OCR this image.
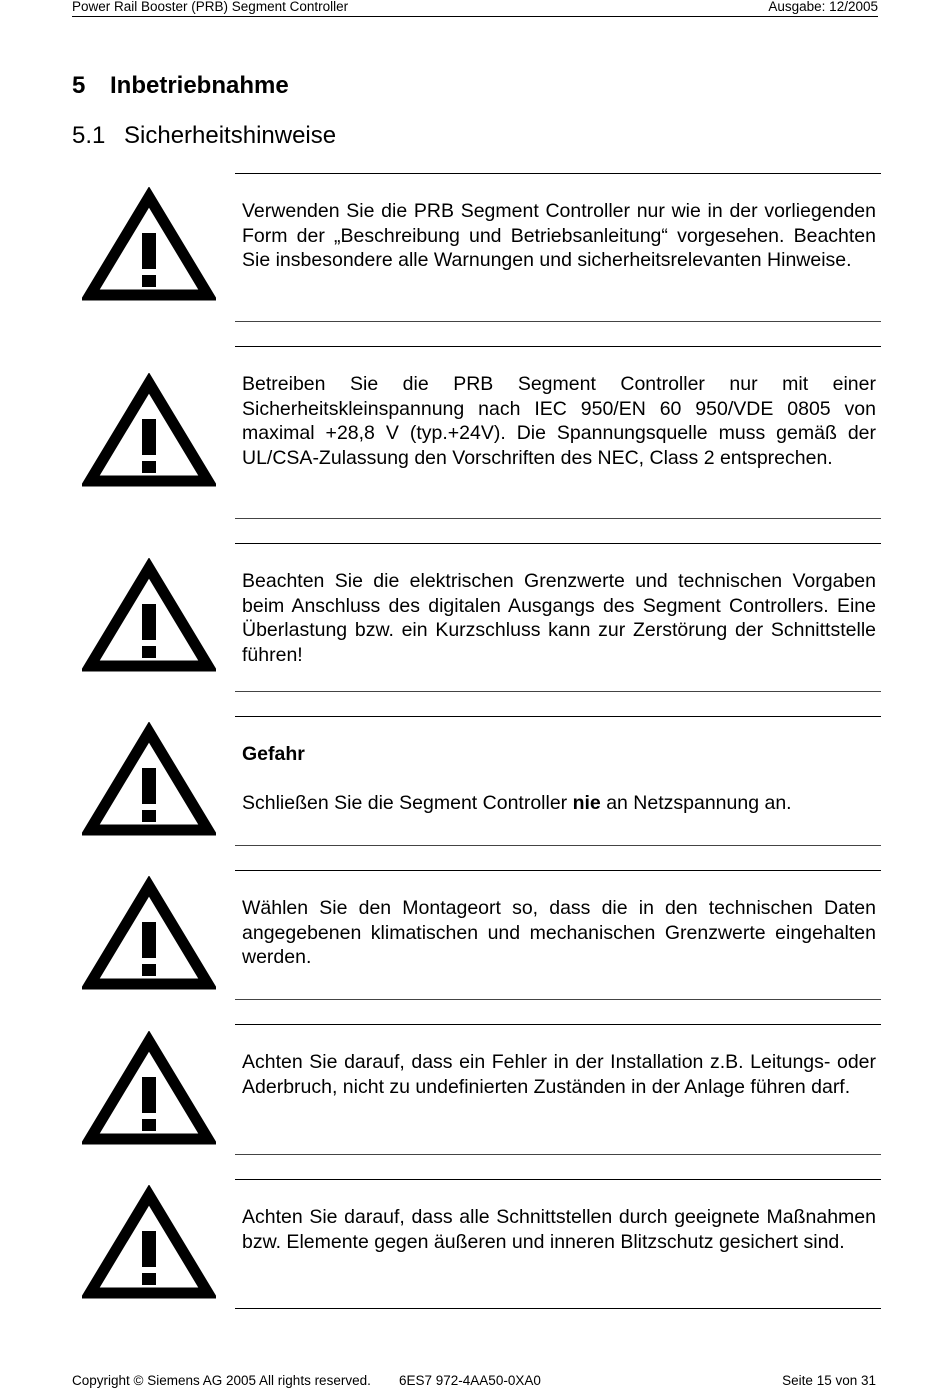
Power Rail Booster (PRB) Segment Controller	Ausgabe: 12/2005
5 Inbetriebnahme
5.1 Sicherheitshinweise

Verwenden Sie die PRB Segment Controller nur wie in der vorliegenden Form der „Beschreibung und Betriebsanleitung“ vorgesehen. Beachten Sie insbesondere alle Warnungen und sicherheitsrelevanten Hinweise.

Betreiben Sie die PRB Segment Controller nur mit einer Sicherheitskleinspannung nach IEC 950/EN 60 950/VDE 0805 von maximal +28,8 V (typ.+24V). Die Spannungsquelle muss gemäß der UL/CSA-Zulassung den Vorschriften des NEC, Class 2 entsprechen.

Beachten Sie die elektrischen Grenzwerte und technischen Vorgaben beim Anschluss des digitalen Ausgangs des Segment Controllers. Eine Überlastung bzw. ein Kurzschluss kann zur Zerstörung der Schnittstelle führen!

Gefahr

Schließen Sie die Segment Controller nie an Netzspannung an.

Wählen Sie den Montageort so, dass die in den technischen Daten angegebenen klimatischen und mechanischen Grenzwerte eingehalten werden.

Achten Sie darauf, dass ein Fehler in der Installation z.B. Leitungs- oder Aderbruch, nicht zu undefinierten Zuständen in der Anlage führen darf.

Achten Sie darauf, dass alle Schnittstellen durch geeignete Maßnahmen bzw. Elemente gegen äußeren und inneren Blitzschutz gesichert sind.

Copyright © Siemens AG 2005 All rights reserved. 6ES7 972-4AA50-0XA0	Seite 15 von 31
